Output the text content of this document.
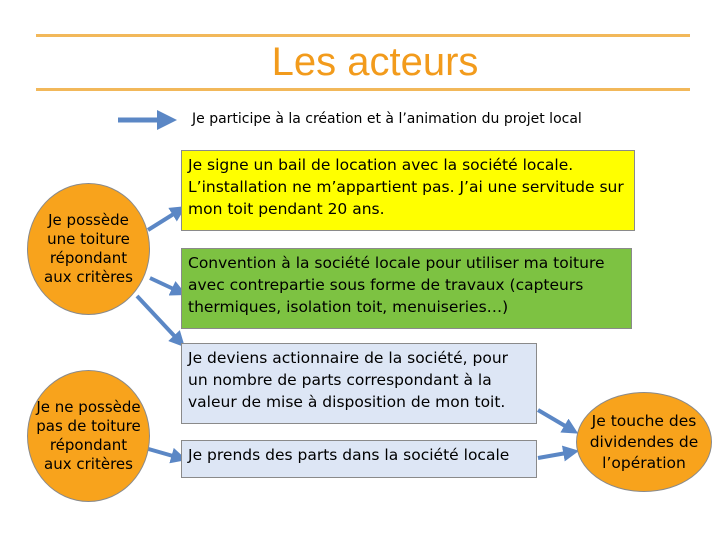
Les acteurs
Je participe à la création et à l’animation du projet local
Je possède une toiture répondant aux critères
Je ne possède pas de toiture répondant aux critères
Je signe un bail de location avec la société locale. L’installation ne m’appartient pas. J’ai une servitude sur mon toit pendant 20 ans.
Convention à la société locale pour utiliser ma toiture avec contrepartie sous forme de travaux (capteurs thermiques, isolation toit, menuiseries…)
Je deviens actionnaire de la société, pour un nombre de parts correspondant à la valeur de mise à disposition de mon toit.
Je prends des parts dans la société locale
Je touche des dividendes de l’opération
